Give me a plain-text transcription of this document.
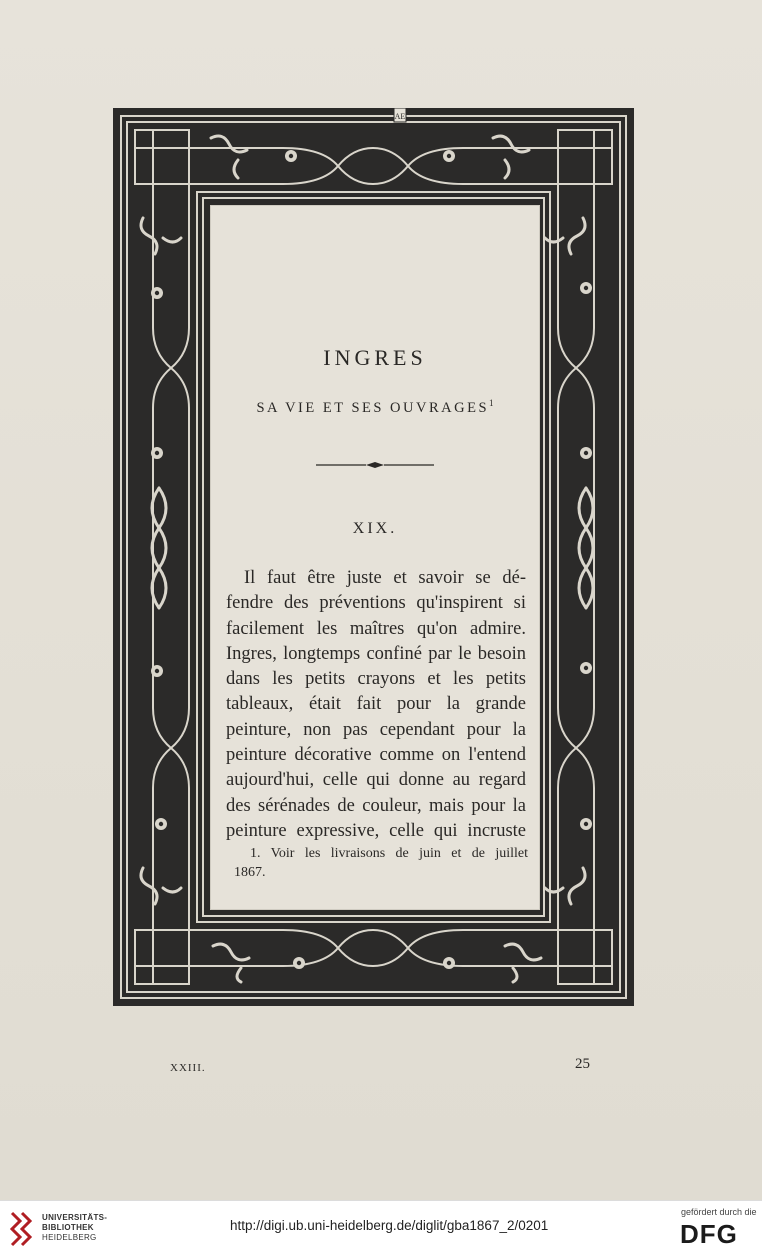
AE
INGRES
SA VIE ET SES OUVRAGES$^1$
XIX.
Il faut être juste et savoir se dé-
fendre des préventions qu'inspirent si
facilement les maîtres qu'on admire.
Ingres, longtemps confiné par le besoin
dans les petits crayons et les petits
tableaux, était fait pour la grande
peinture, non pas cependant pour la
peinture décorative comme on l'entend
aujourd'hui, celle qui donne au regard
des sérénades de couleur, mais pour la
peinture expressive, celle qui incruste
1. Voir les livraisons de juin et de juillet
1867.
XXIII.	25
UNIVERSITÄTS-
BIBLIOTHEK
HEIDELBERG
http://digi.ub.uni-heidelberg.de/diglit/gba1867_2/0201
gefördert durch die
DFG
